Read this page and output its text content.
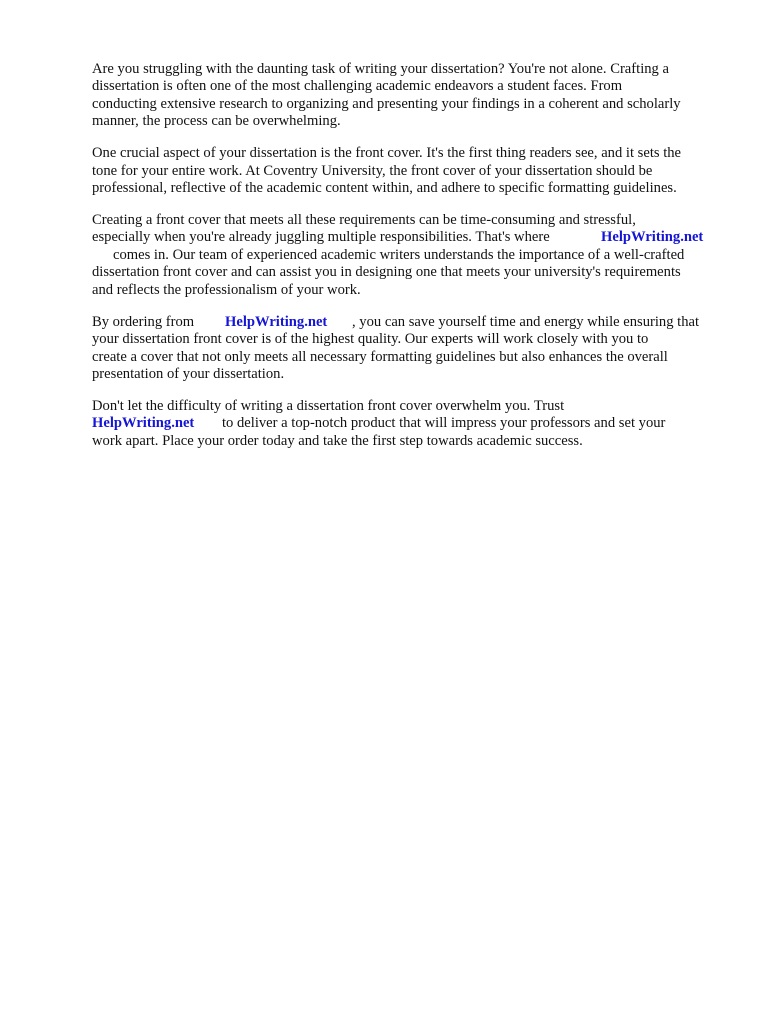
Are you struggling with the daunting task of writing your dissertation? You're not alone. Crafting a

dissertation is often one of the most challenging academic endeavors a student faces. From

conducting extensive research to organizing and presenting your findings in a coherent and scholarly

manner, the process can be overwhelming.

One crucial aspect of your dissertation is the front cover. It's the first thing readers see, and it sets the

tone for your entire work. At Coventry University, the front cover of your dissertation should be

professional, reflective of the academic content within, and adhere to specific formatting guidelines.

Creating a front cover that meets all these requirements can be time-consuming and stressful,

especially when you're already juggling multiple responsibilities. That's where	HelpWriting.net

comes in. Our team of experienced academic writers understands the importance of a well-crafted

dissertation front cover and can assist you in designing one that meets your university's requirements

and reflects the professionalism of your work.

By ordering from HelpWriting.net , you can save yourself time and energy while ensuring that

your dissertation front cover is of the highest quality. Our experts will work closely with you to

create a cover that not only meets all necessary formatting guidelines but also enhances the overall

presentation of your dissertation.

Don't let the difficulty of writing a dissertation front cover overwhelm you. Trust

HelpWriting.net to deliver a top-notch product that will impress your professors and set your

work apart. Place your order today and take the first step towards academic success.
